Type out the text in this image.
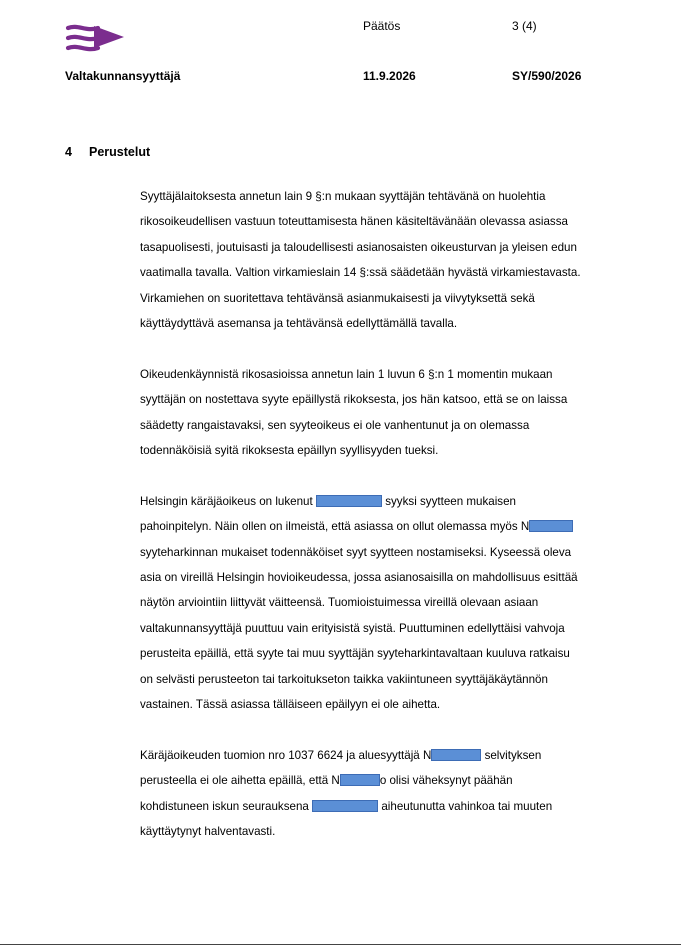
Päätös	3 (4)
Valtakunnansyyttäjä	11.9.2026	SY/590/2026
4 Perustelut
Syyttäjälaitoksesta annetun lain 9 §:n mukaan syyttäjän tehtävänä on huolehtia
rikosoikeudellisen vastuun toteuttamisesta hänen käsiteltävänään olevassa asiassa
tasapuolisesti, joutuisasti ja taloudellisesti asianosaisten oikeusturvan ja yleisen edun
vaatimalla tavalla. Valtion virkamieslain 14 §:ssä säädetään hyvästä virkamiestavasta.
Virkamiehen on suoritettava tehtävänsä asianmukaisesti ja viivytyksettä sekä
käyttäydyttävä asemansa ja tehtävänsä edellyttämällä tavalla.
Oikeudenkäynnistä rikosasioissa annetun lain 1 luvun 6 §:n 1 momentin mukaan
syyttäjän on nostettava syyte epäillystä rikoksesta, jos hän katsoo, että se on laissa
säädetty rangaistavaksi, sen syyteoikeus ei ole vanhentunut ja on olemassa
todennäköisiä syitä rikoksesta epäillyn syyllisyyden tueksi.
Helsingin käräjäoikeus on lukenut	syyksi syytteen mukaisen
pahoinpitelyn. Näin ollen on ilmeistä, että asiassa on ollut olemassa myös N
syyteharkinnan mukaiset todennäköiset syyt syytteen nostamiseksi. Kyseessä oleva
asia on vireillä Helsingin hovioikeudessa, jossa asianosaisilla on mahdollisuus esittää
näytön arviointiin liittyvät väitteensä. Tuomioistuimessa vireillä olevaan asiaan
valtakunnansyyttäjä puuttuu vain erityisistä syistä. Puuttuminen edellyttäisi vahvoja
perusteita epäillä, että syyte tai muu syyttäjän syyteharkintavaltaan kuuluva ratkaisu
on selvästi perusteeton tai tarkoitukseton taikka vakiintuneen syyttäjäkäytännön
vastainen. Tässä asiassa tälläiseen epäilyyn ei ole aihetta.
Käräjäoikeuden tuomion nro 1037 6624 ja aluesyyttäjä N	selvityksen
perusteella ei ole aihetta epäillä, että N	o olisi väheksynyt päähän
kohdistuneen iskun seurauksena	aiheutunutta vahinkoa tai muuten
käyttäytynyt halventavasti.
